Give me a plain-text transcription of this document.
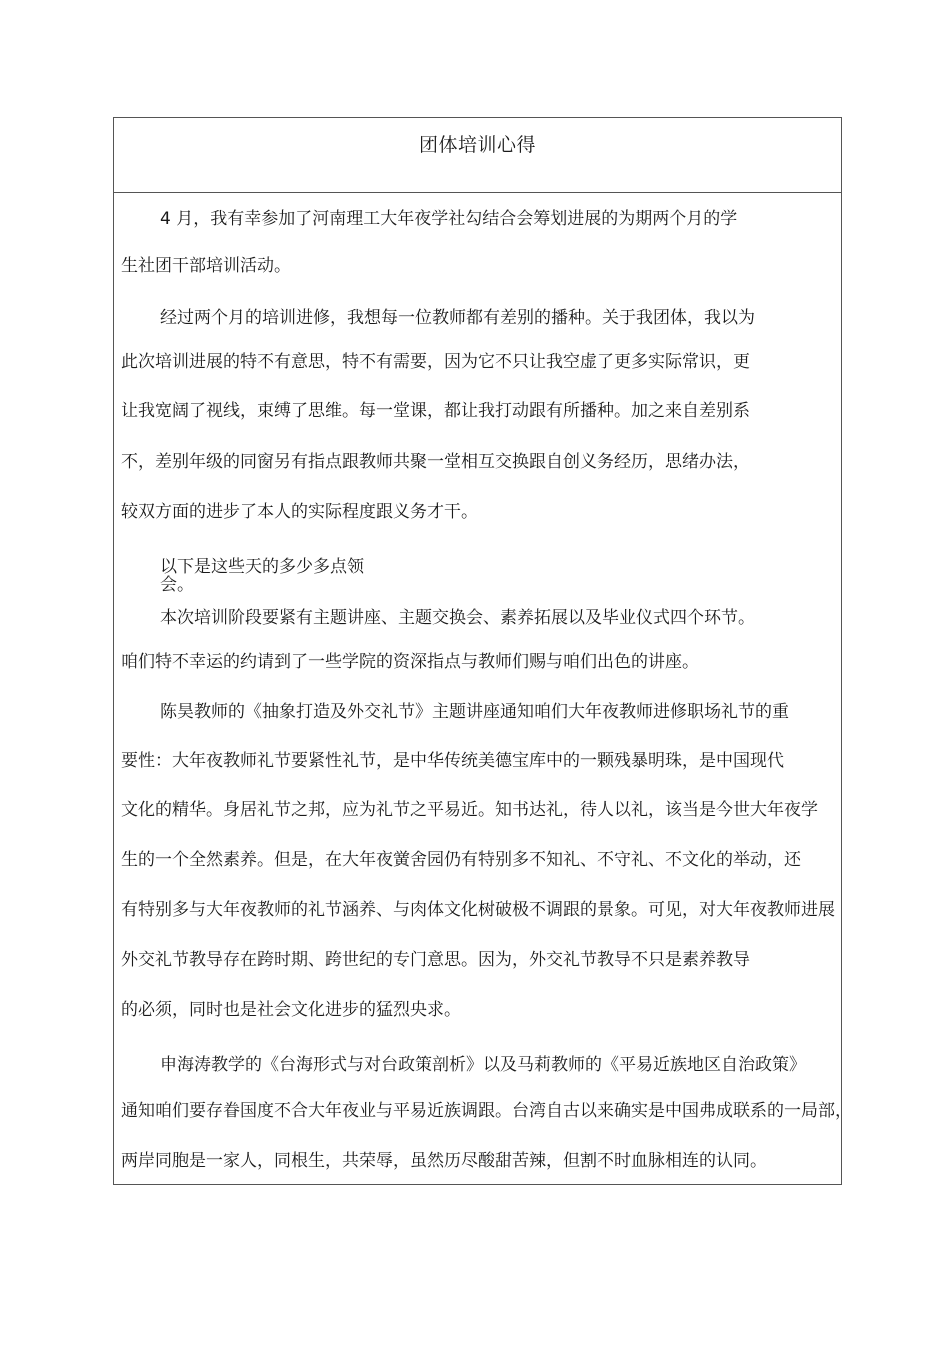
团体培训心得
4 月，我有幸参加了河南理工大年夜学社勾结合会筹划进展的为期两个月的学
生社团干部培训活动。
经过两个月的培训进修，我想每一位教师都有差别的播种。关于我团体，我以为
此次培训进展的特不有意思，特不有需要，因为它不只让我空虚了更多实际常识，更
让我宽阔了视线，束缚了思维。每一堂课，都让我打动跟有所播种。加之来自差别系
不，差别年级的同窗另有指点跟教师共聚一堂相互交换跟自创义务经历，思绪办法，
较双方面的进步了本人的实际程度跟义务才干。
以下是这些天的多少多点领
会。
本次培训阶段要紧有主题讲座、主题交换会、素养拓展以及毕业仪式四个环节。
咱们特不幸运的约请到了一些学院的资深指点与教师们赐与咱们出色的讲座。
陈昊教师的《抽象打造及外交礼节》主题讲座通知咱们大年夜教师进修职场礼节的重
要性：大年夜教师礼节要紧性礼节，是中华传统美德宝库中的一颗残暴明珠，是中国现代
文化的精华。身居礼节之邦，应为礼节之平易近。知书达礼，待人以礼，该当是今世大年夜学
生的一个全然素养。但是，在大年夜黉舍园仍有特别多不知礼、不守礼、不文化的举动，还
有特别多与大年夜教师的礼节涵养、与肉体文化树破极不调跟的景象。可见，对大年夜教师进展
外交礼节教导存在跨时期、跨世纪的专门意思。因为，外交礼节教导不只是素养教导
的必须，同时也是社会文化进步的猛烈央求。
申海涛教学的《台海形式与对台政策剖析》以及马莉教师的《平易近族地区自治政策》
通知咱们要存眷国度不合大年夜业与平易近族调跟。台湾自古以来确实是中国弗成联系的一局部，
两岸同胞是一家人，同根生，共荣辱，虽然历尽酸甜苦辣，但割不时血脉相连的认同。
